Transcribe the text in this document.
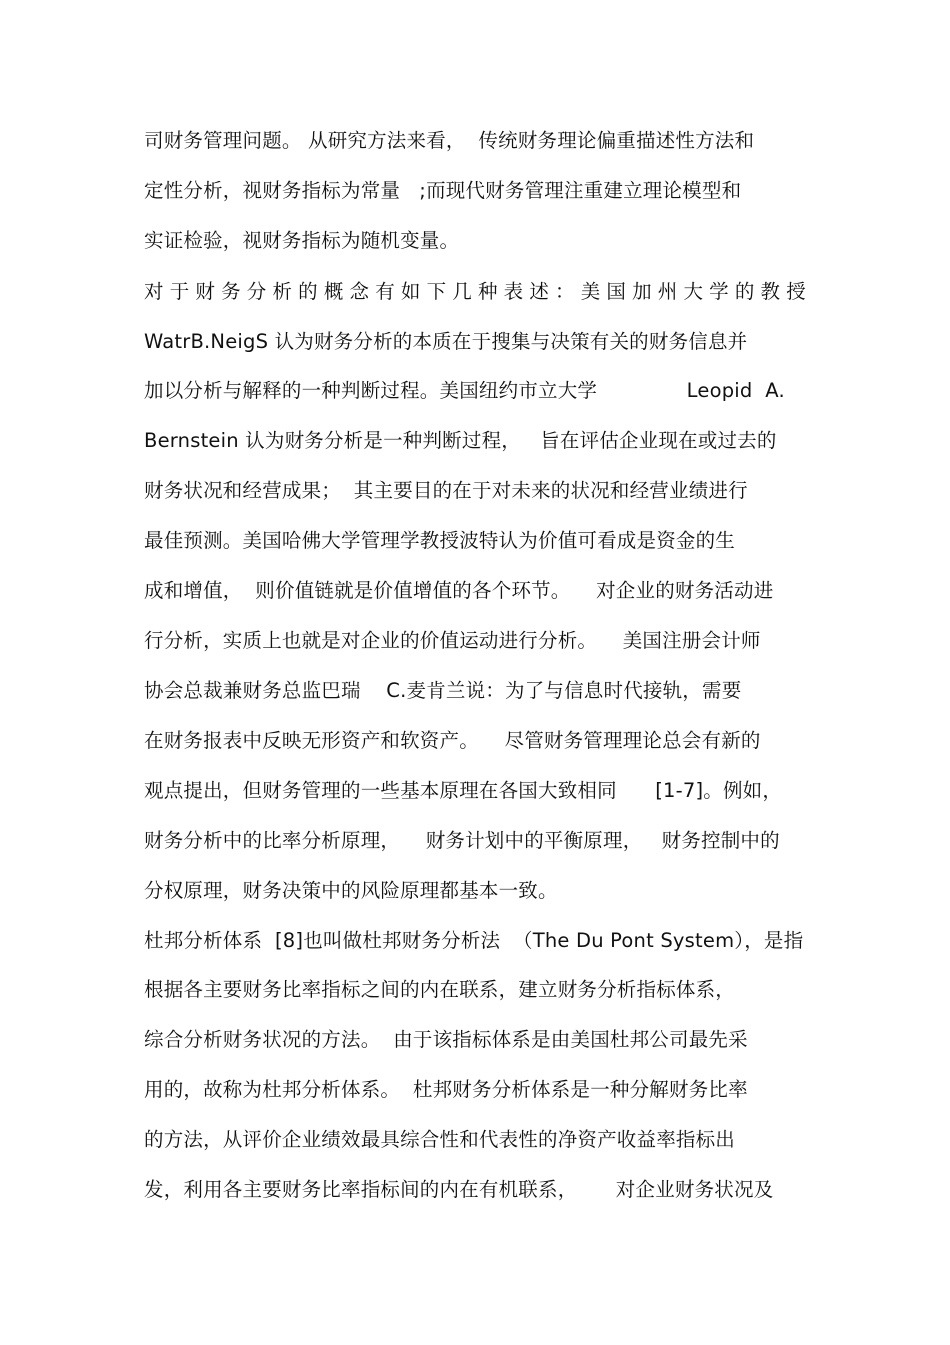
司财务管理问题。 从研究方法来看，  传统财务理论偏重描述性方法和
定性分析，视财务指标为常量   ;而现代财务管理注重建立理论模型和
实证检验，视财务指标为随机变量。
对 于 财 务 分 析 的 概 念 有 如 下 几 种 表 述 ： 美 国 加 州 大 学 的 教 授
WatrB.NeigS 认为财务分析的本质在于搜集与决策有关的财务信息并
加以分析与解释的一种判断过程。美国纽约市立大学              Leopid  A.
Bernstein 认为财务分析是一种判断过程，   旨在评估企业现在或过去的
财务状况和经营成果；  其主要目的在于对未来的状况和经营业绩进行
最佳预测。美国哈佛大学管理学教授波特认为价值可看成是资金的生
成和增值，  则价值链就是价值增值的各个环节。    对企业的财务活动进
行分析，实质上也就是对企业的价值运动进行分析。    美国注册会计师
协会总裁兼财务总监巴瑞    C.麦肯兰说：为了与信息时代接轨，需要
在财务报表中反映无形资产和软资产。    尽管财务管理理论总会有新的
观点提出，但财务管理的一些基本原理在各国大致相同      [1-7]。例如，
财务分析中的比率分析原理，    财务计划中的平衡原理，   财务控制中的
分权原理，财务决策中的风险原理都基本一致。
杜邦分析体系  [8]也叫做杜邦财务分析法  （The Du Pont System），是指
根据各主要财务比率指标之间的内在联系，建立财务分析指标体系，
综合分析财务状况的方法。  由于该指标体系是由美国杜邦公司最先采
用的，故称为杜邦分析体系。  杜邦财务分析体系是一种分解财务比率
的方法，从评价企业绩效最具综合性和代表性的净资产收益率指标出
发，利用各主要财务比率指标间的内在有机联系，      对企业财务状况及
